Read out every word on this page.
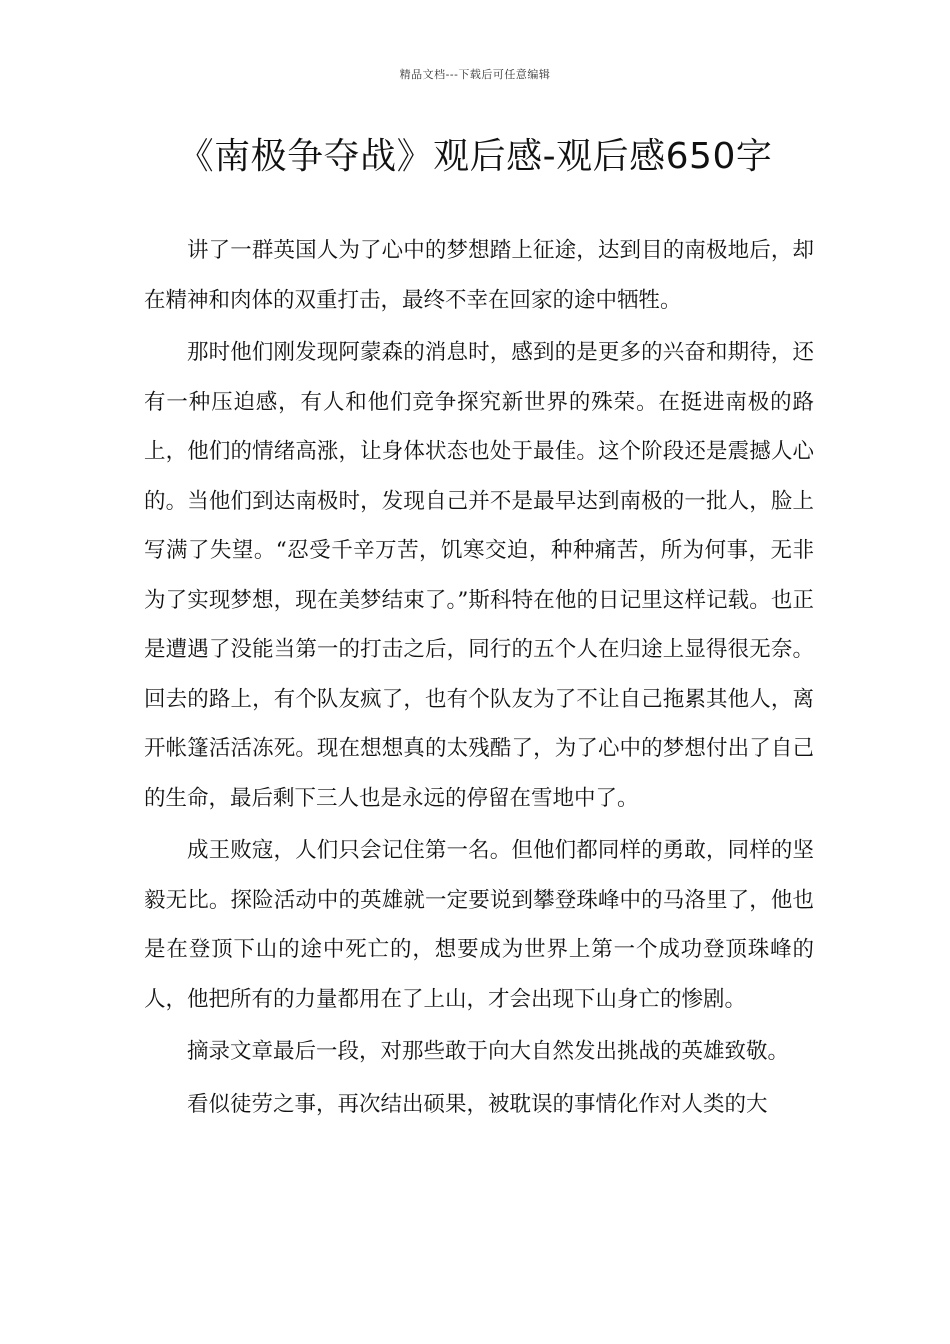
精品文档---下载后可任意编辑
《南极争夺战》观后感-观后感650字

讲了一群英国人为了心中的梦想踏上征途，达到目的南极地后，却在精神和肉体的双重打击，最终不幸在回家的途中牺牲。

那时他们刚发现阿蒙森的消息时，感到的是更多的兴奋和期待，还有一种压迫感，有人和他们竞争探究新世界的殊荣。在挺进南极的路上，他们的情绪高涨，让身体状态也处于最佳。这个阶段还是震撼人心的。当他们到达南极时，发现自己并不是最早达到南极的一批人，脸上写满了失望。“忍受千辛万苦，饥寒交迫，种种痛苦，所为何事，无非为了实现梦想，现在美梦结束了。”斯科特在他的日记里这样记载。也正是遭遇了没能当第一的打击之后，同行的五个人在归途上显得很无奈。回去的路上，有个队友疯了，也有个队友为了不让自己拖累其他人，离开帐篷活活冻死。现在想想真的太残酷了，为了心中的梦想付出了自己的生命，最后剩下三人也是永远的停留在雪地中了。

成王败寇，人们只会记住第一名。但他们都同样的勇敢，同样的坚毅无比。探险活动中的英雄就一定要说到攀登珠峰中的马洛里了，他也是在登顶下山的途中死亡的，想要成为世界上第一个成功登顶珠峰的人，他把所有的力量都用在了上山，才会出现下山身亡的惨剧。

摘录文章最后一段，对那些敢于向大自然发出挑战的英雄致敬。

看似徒劳之事，再次结出硕果，被耽误的事情化作对人类的大
